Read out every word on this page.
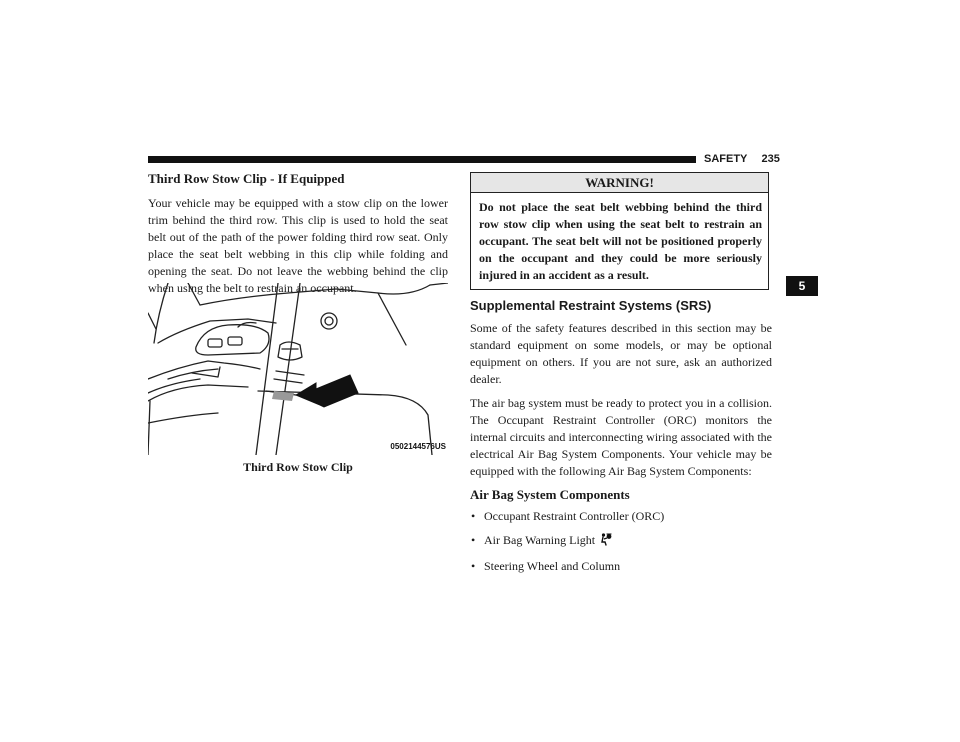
SAFETY 235
5
Third Row Stow Clip - If Equipped

Your vehicle may be equipped with a stow clip on the lower trim behind the third row. This clip is used to hold the seat belt out of the path of the power folding third row seat. Only place the seat belt webbing in this clip while folding and opening the seat. Do not leave the webbing behind the clip when using the belt to restrain an occupant.

0502144576US
Third Row Stow Clip
WARNING!
Do not place the seat belt webbing behind the third row stow clip when using the seat belt to restrain an occupant. The seat belt will not be positioned properly on the occupant and they could be more seriously injured in an accident as a result.
Supplemental Restraint Systems (SRS)

Some of the safety features described in this section may be standard equipment on some models, or may be optional equipment on others. If you are not sure, ask an authorized dealer.

The air bag system must be ready to protect you in a collision. The Occupant Restraint Controller (ORC) monitors the internal circuits and interconnecting wiring associated with the electrical Air Bag System Components. Your vehicle may be equipped with the following Air Bag System Components:

Air Bag System Components
• Occupant Restraint Controller (ORC)
• Air Bag Warning Light
• Steering Wheel and Column
